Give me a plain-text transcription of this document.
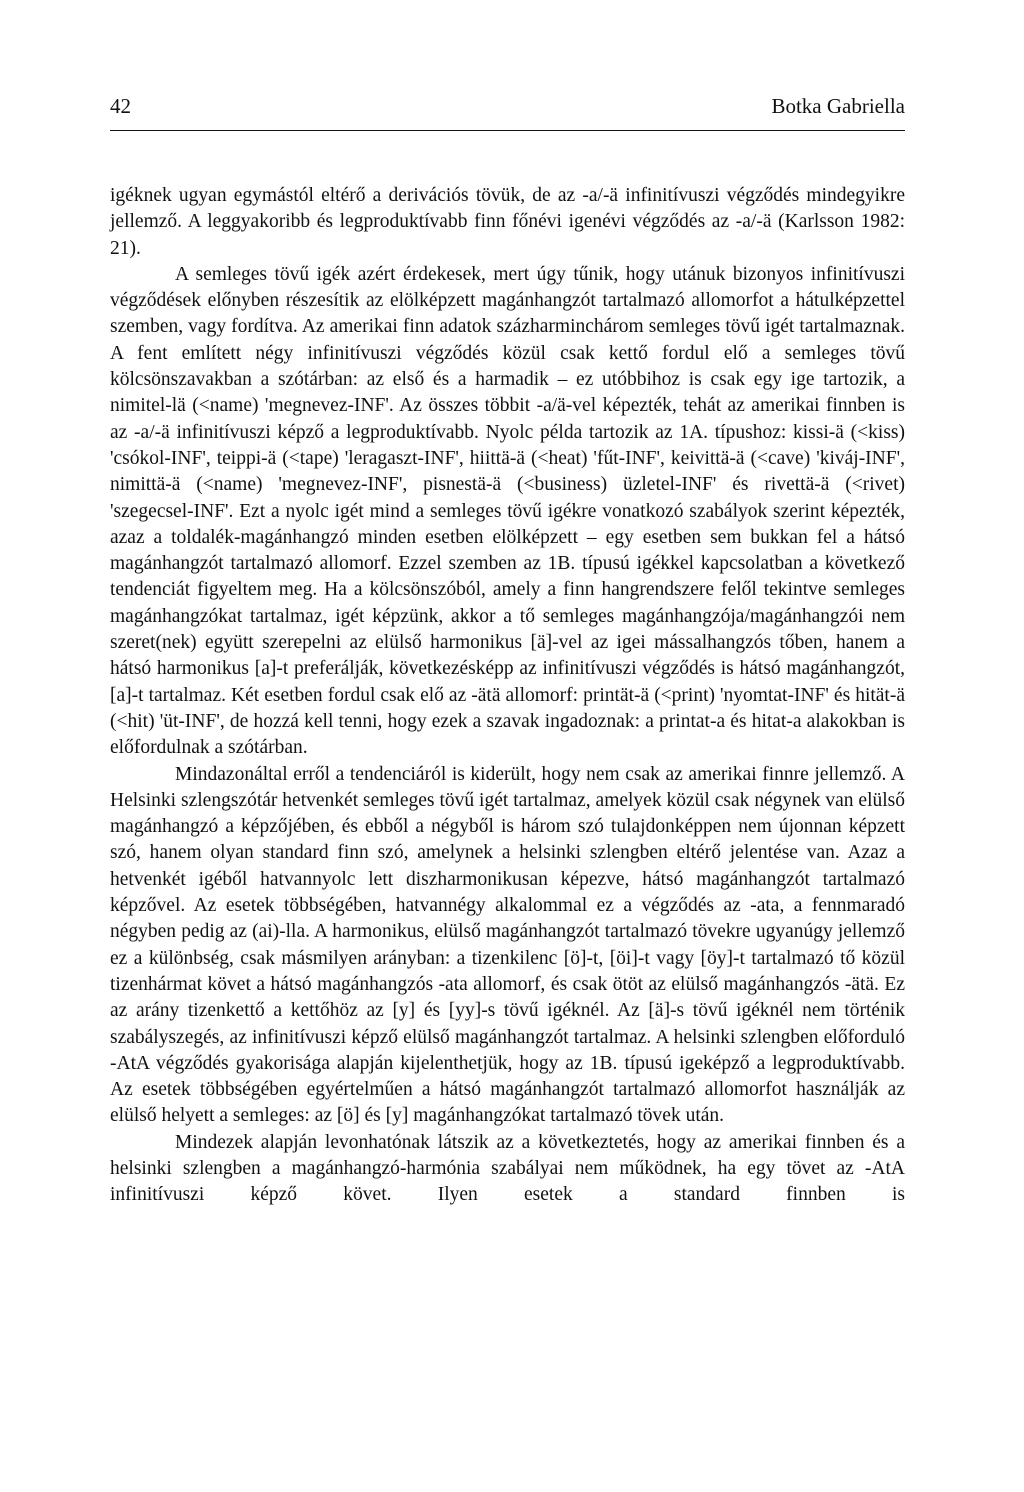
42	Botka Gabriella

igéknek ugyan egymástól eltérő a derivációs tövük, de az -a/-ä infinitívuszi végződés mindegyikre jellemző. A leggyakoribb és legproduktívabb finn főnévi igenévi végződés az -a/-ä (Karlsson 1982: 21).

A semleges tövű igék azért érdekesek, mert úgy tűnik, hogy utánuk bizonyos infinitívuszi végződések előnyben részesítik az elölképzett magánhangzót tartalmazó allomorfot a hátulképzettel szemben, vagy fordítva. Az amerikai finn adatok százharminchárom semleges tövű igét tartalmaznak. A fent említett négy infinitívuszi végződés közül csak kettő fordul elő a semleges tövű kölcsönszavakban a szótárban: az első és a harmadik – ez utóbbihoz is csak egy ige tartozik, a nimitel-lä (<name) 'megnevez-INF'. Az összes többit -a/ä-vel képezték, tehát az amerikai finnben is az -a/-ä infinitívuszi képző a legproduktívabb. Nyolc példa tartozik az 1A. típushoz: kissi-ä (<kiss) 'csókol-INF', teippi-ä (<tape) 'leragaszt-INF', hiittä-ä (<heat) 'fűt-INF', keivittä-ä (<cave) 'kiváj-INF', nimittä-ä (<name) 'megnevez-INF', pisnestä-ä (<business) üzletel-INF' és rivettä-ä (<rivet) 'szegecsel-INF'. Ezt a nyolc igét mind a semleges tövű igékre vonatkozó szabályok szerint képezték, azaz a toldalék-magánhangzó minden esetben elölképzett – egy esetben sem bukkan fel a hátsó magánhangzót tartalmazó allomorf. Ezzel szemben az 1B. típusú igékkel kapcsolatban a következő tendenciát figyeltem meg. Ha a kölcsönszóból, amely a finn hangrendszere felől tekintve semleges magánhangzókat tartalmaz, igét képzünk, akkor a tő semleges magánhangzója/magánhangzói nem szeret(nek) együtt szerepelni az elülső harmonikus [ä]-vel az igei mássalhangzós tőben, hanem a hátsó harmonikus [a]-t preferálják, következésképp az infinitívuszi végződés is hátsó magánhangzót, [a]-t tartalmaz. Két esetben fordul csak elő az -ätä allomorf: printät-ä (<print) 'nyomtat-INF' és hität-ä (<hit) 'üt-INF', de hozzá kell tenni, hogy ezek a szavak ingadoznak: a printat-a és hitat-a alakokban is előfordulnak a szótárban.

Mindazonáltal erről a tendenciáról is kiderült, hogy nem csak az amerikai finnre jellemző. A Helsinki szlengszótár hetvenkét semleges tövű igét tartalmaz, amelyek közül csak négynek van elülső magánhangzó a képzőjében, és ebből a négyből is három szó tulajdonképpen nem újonnan képzett szó, hanem olyan standard finn szó, amelynek a helsinki szlengben eltérő jelentése van. Azaz a hetvenkét igéből hatvannyolc lett diszharmonikusan képezve, hátsó magánhangzót tartalmazó képzővel. Az esetek többségében, hatvannégy alkalommal ez a végződés az -ata, a fennmaradó négyben pedig az (ai)-lla. A harmonikus, elülső magánhangzót tartalmazó tövekre ugyanúgy jellemző ez a különbség, csak másmilyen arányban: a tizenkilenc [ö]-t, [öi]-t vagy [öy]-t tartalmazó tő közül tizenhármat követ a hátsó magánhangzós -ata allomorf, és csak ötöt az elülső magánhangzós -ätä. Ez az arány tizenkettő a kettőhöz az [y] és [yy]-s tövű igéknél. Az [ä]-s tövű igéknél nem történik szabályszegés, az infinitívuszi képző elülső magánhangzót tartalmaz. A helsinki szlengben előforduló -AtA végződés gyakorisága alapján kijelenthetjük, hogy az 1B. típusú igeképző a legproduktívabb. Az esetek többségében egyértelműen a hátsó magánhangzót tartalmazó allomorfot használják az elülső helyett a semleges: az [ö] és [y] magánhangzókat tartalmazó tövek után.

Mindezek alapján levonhatónak látszik az a következtetés, hogy az amerikai finnben és a helsinki szlengben a magánhangzó-harmónia szabályai nem működnek, ha egy tövet az -AtA infinitívuszi képző követ. Ilyen esetek a standard finnben is
